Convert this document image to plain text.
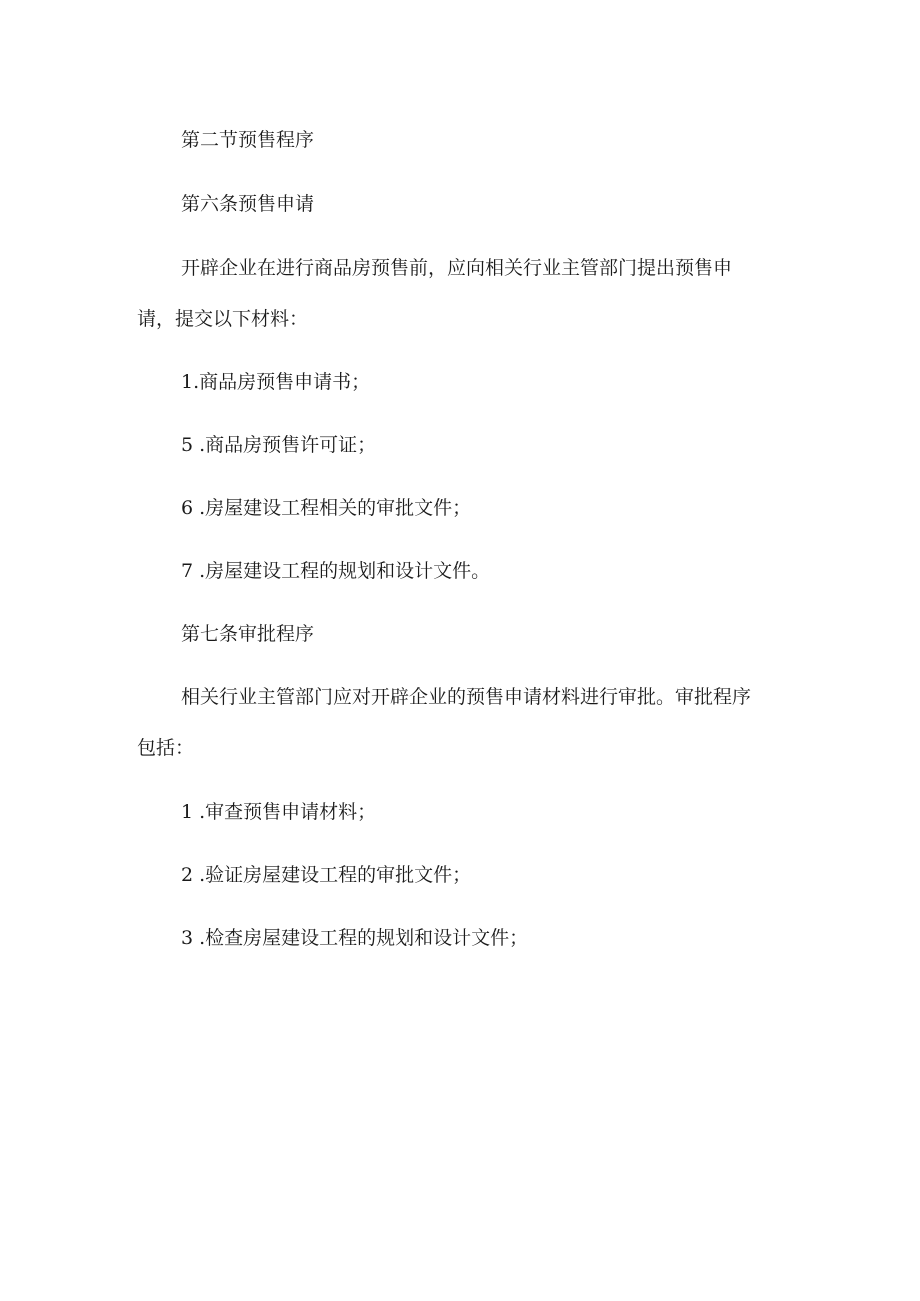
第二节预售程序
第六条预售申请
开辟企业在进行商品房预售前，应向相关行业主管部门提出预售申
请，提交以下材料：
1.商品房预售申请书；
5 .商品房预售许可证；
6 .房屋建设工程相关的审批文件；
7 .房屋建设工程的规划和设计文件。
第七条审批程序
相关行业主管部门应对开辟企业的预售申请材料进行审批。审批程序
包括：
1 .审查预售申请材料；
2 .验证房屋建设工程的审批文件；
3 .检查房屋建设工程的规划和设计文件；
